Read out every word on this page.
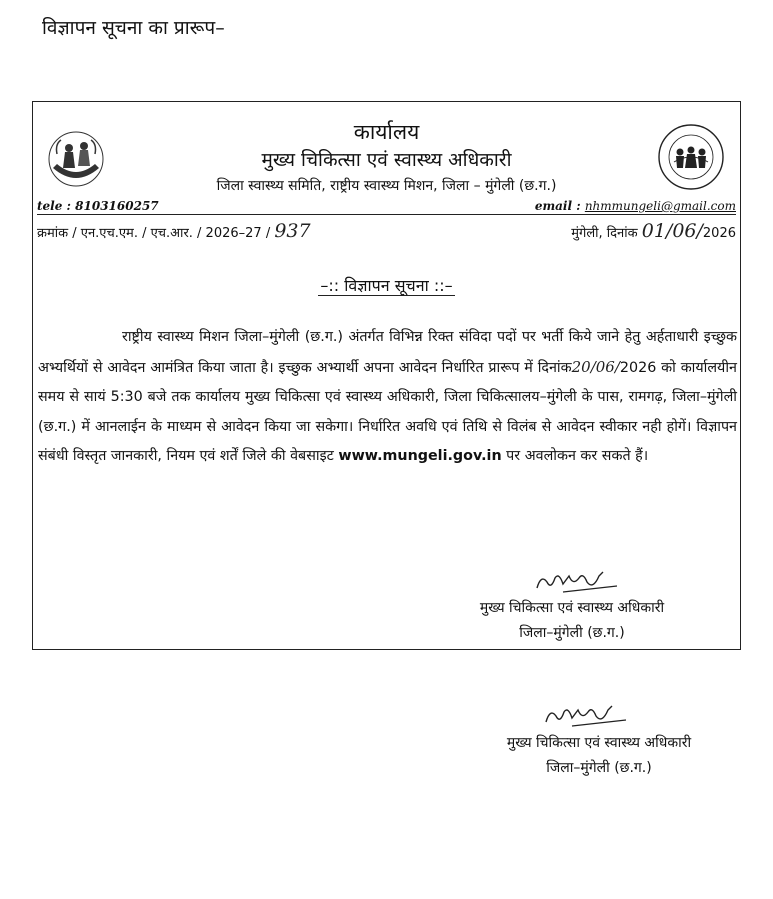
विज्ञापन सूचना का प्रारूप–
कार्यालय
मुख्य चिकित्सा एवं स्वास्थ्य अधिकारी
जिला स्वास्थ्य समिति, राष्ट्रीय स्वास्थ्य मिशन, जिला – मुंगेली (छ.ग.)
tele : 8103160257	email : nhmmungeli@gmail.com
क्रमांक / एन.एच.एम. / एच.आर. / 2026–27 / 937	मुंगेली, दिनांक 01/06/2026
–:: विज्ञापन सूचना ::–
राष्ट्रीय स्वास्थ्य मिशन जिला–मुंगेली (छ.ग.) अंतर्गत विभिन्न रिक्त संविदा पदों पर भर्ती किये जाने हेतु अर्हताधारी इच्छुक अभ्यर्थियों से आवेदन आमंत्रित किया जाता है। इच्छुक अभ्यार्थी अपना आवेदन निर्धारित प्रारूप में दिनांक20/06/2026 को कार्यालयीन समय से सायं 5:30 बजे तक कार्यालय मुख्य चिकित्सा एवं स्वास्थ्य अधिकारी, जिला चिकित्सालय–मुंगेली के पास, रामगढ़, जिला–मुंगेली (छ.ग.) में आनलाईन के माध्यम से आवेदन किया जा सकेगा। निर्धारित अवधि एवं तिथि से विलंब से आवेदन स्वीकार नही होगें। विज्ञापन संबंधी विस्तृत जानकारी, नियम एवं शर्तें जिले की वेबसाइट www.mungeli.gov.in पर अवलोकन कर सकते हैं।
मुख्य चिकित्सा एवं स्वास्थ्य अधिकारी
जिला–मुंगेली (छ.ग.)
मुख्य चिकित्सा एवं स्वास्थ्य अधिकारी
जिला–मुंगेली (छ.ग.)
